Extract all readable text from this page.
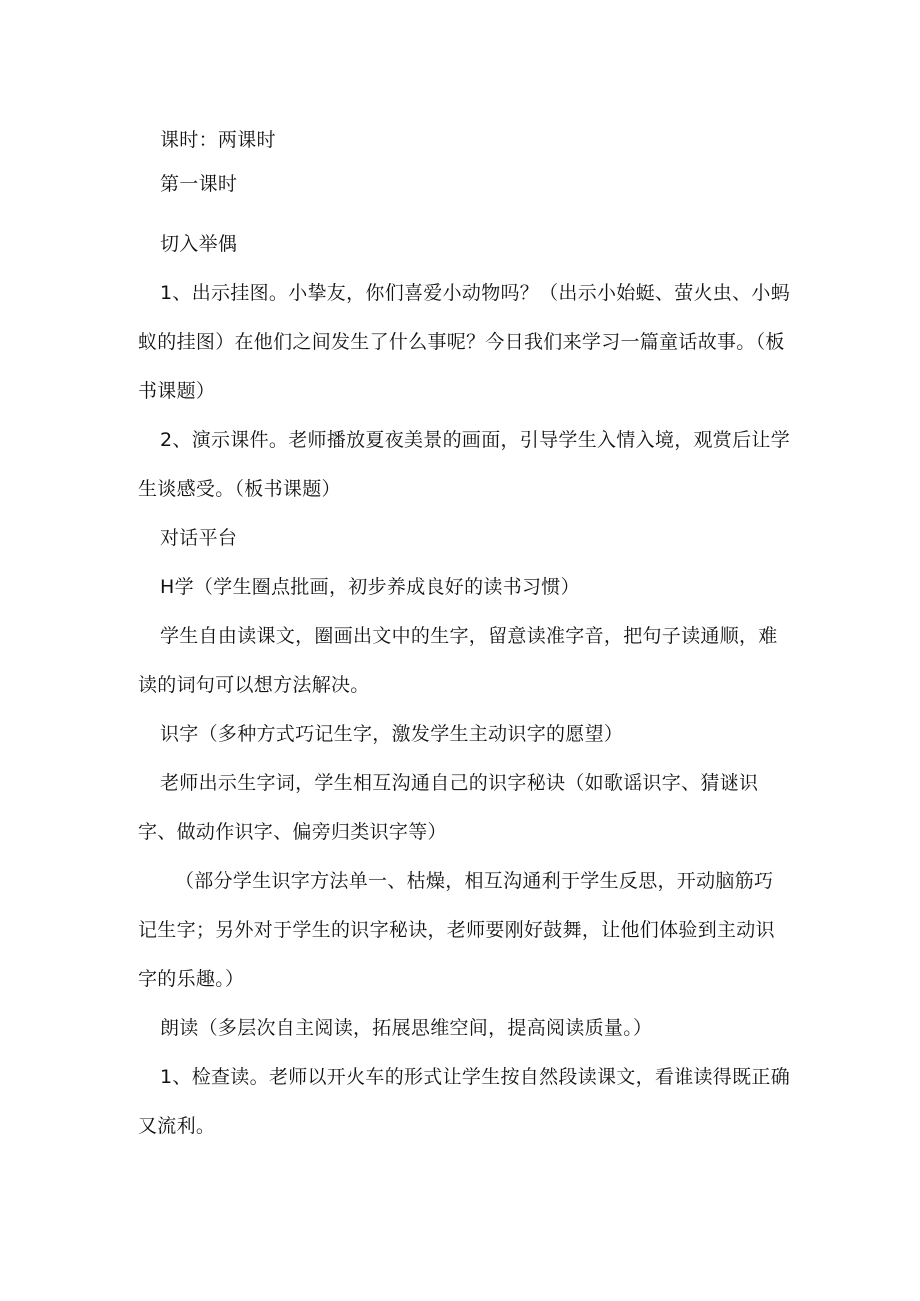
课时：两课时

第一课时

切入举偶

1、出示挂图。小挚友，你们喜爱小动物吗？（出示小始蜓、萤火虫、小蚂蚁的挂图）在他们之间发生了什么事呢？今日我们来学习一篇童话故事。（板书课题）

2、演示课件。老师播放夏夜美景的画面，引导学生入情入境，观赏后让学生谈感受。（板书课题）

对话平台

H学（学生圈点批画，初步养成良好的读书习惯）

学生自由读课文，圈画出文中的生字，留意读准字音，把句子读通顺，难读的词句可以想方法解决。

识字（多种方式巧记生字，激发学生主动识字的愿望）

老师出示生字词，学生相互沟通自己的识字秘诀（如歌谣识字、猜谜识字、做动作识字、偏旁归类识字等）

（部分学生识字方法单一、枯燥，相互沟通利于学生反思，开动脑筋巧记生字；另外对于学生的识字秘诀，老师要刚好鼓舞，让他们体验到主动识字的乐趣。）

朗读（多层次自主阅读，拓展思维空间，提高阅读质量。）

1、检查读。老师以开火车的形式让学生按自然段读课文，看谁读得既正确又流利。
